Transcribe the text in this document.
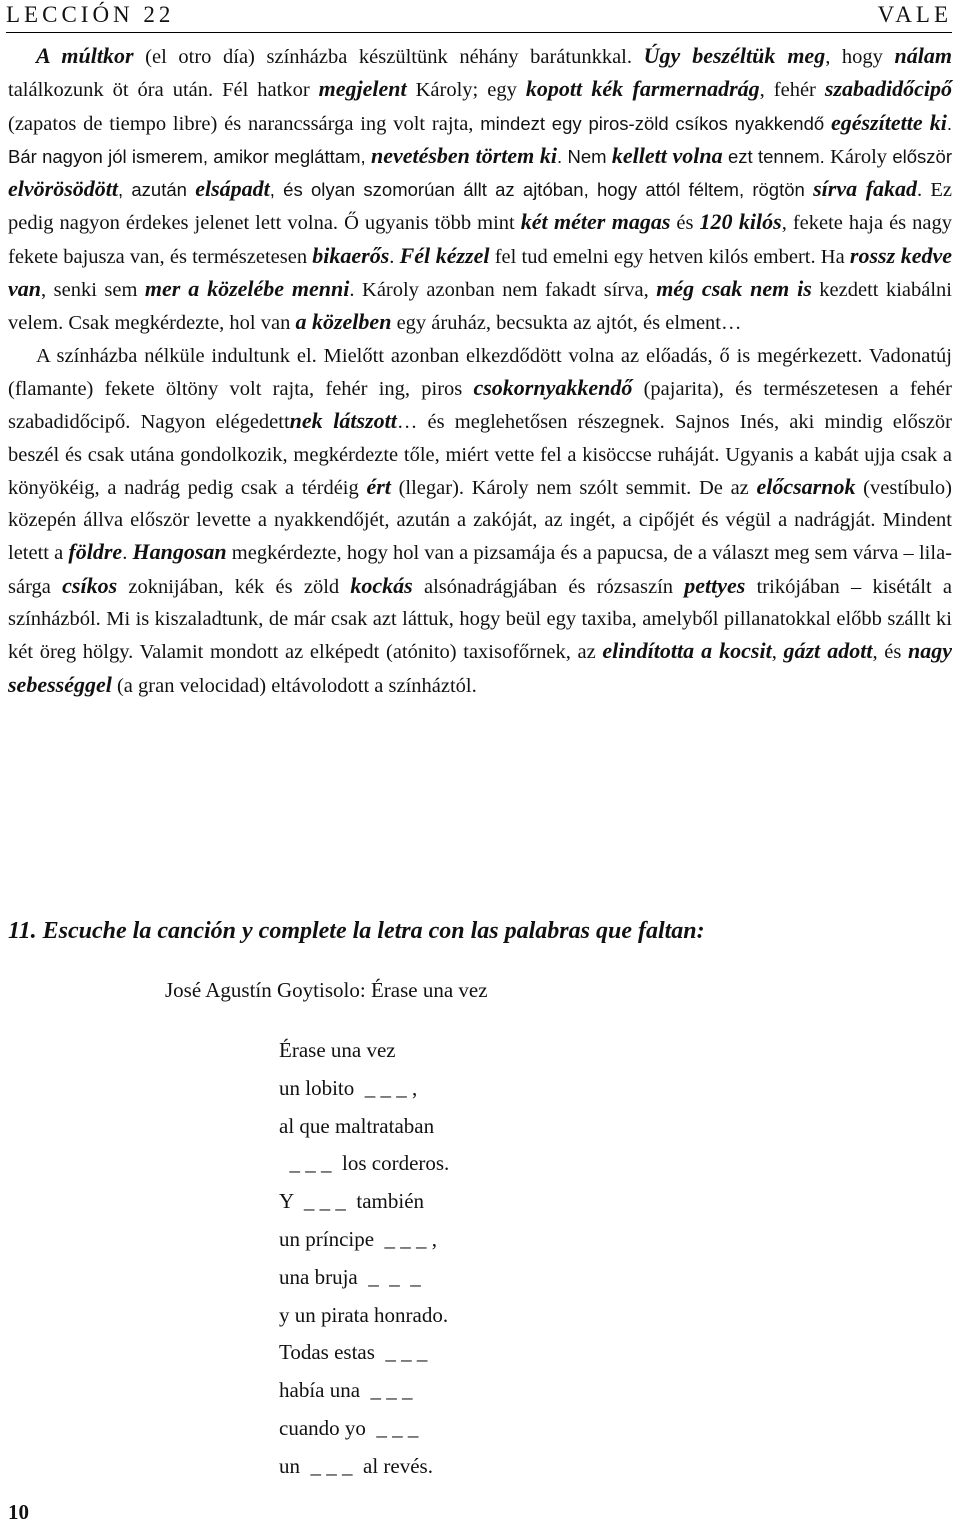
LECCIÓN 22	VALE

A múltkor (el otro día) színházba készültünk néhány barátunkkal. Úgy beszéltük meg, hogy nálam találkozunk öt óra után. Fél hatkor megjelent Károly; egy kopott kék farmernadrág, fehér szabadidőcipő (zapatos de tiempo libre) és narancssárga ing volt rajta, mindezt egy piros-zöld csíkos nyakkendő egészítette ki. Bár nagyon jól ismerem, amikor megláttam, nevetésben törtem ki. Nem kellett volna ezt tennem. Károly először elvörösödött, azután elsápadt, és olyan szomorúan állt az ajtóban, hogy attól féltem, rögtön sírva fakad. Ez pedig nagyon érdekes jelenet lett volna. Ő ugyanis több mint két méter magas és 120 kilós, fekete haja és nagy fekete bajusza van, és természetesen bikaerős. Fél kézzel fel tud emelni egy hetven kilós embert. Ha rossz kedve van, senki sem mer a közelébe menni. Károly azonban nem fakadt sírva, még csak nem is kezdett kiabálni velem. Csak megkérdezte, hol van a közelben egy áruház, becsukta az ajtót, és elment…

A színházba nélküle indultunk el. Mielőtt azonban elkezdődött volna az előadás, ő is megérkezett. Vadonatúj (flamante) fekete öltöny volt rajta, fehér ing, piros csokornyakkendő (pajarita), és természetesen a fehér szabadidőcipő. Nagyon elégedettnek látszott… és meglehetősen részegnek. Sajnos Inés, aki mindig először beszél és csak utána gondolkozik, megkérdezte tőle, miért vette fel a kisöccse ruháját. Ugyanis a kabát ujja csak a könyökéig, a nadrág pedig csak a térdéig ért (llegar). Károly nem szólt semmit. De az előcsarnok (vestíbulo) közepén állva először levette a nyakkendőjét, azután a zakóját, az ingét, a cipőjét és végül a nadrágját. Mindent letett a földre. Hangosan megkérdezte, hogy hol van a pizsamája és a papucsa, de a választ meg sem várva – lila-sárga csíkos zoknijában, kék és zöld kockás alsónadrágjában és rózsaszín pettyes trikójában – kisétált a színházból. Mi is kiszaladtunk, de már csak azt láttuk, hogy beül egy taxiba, amelyből pillanatokkal előbb szállt ki két öreg hölgy. Valamit mondott az elképedt (atónito) taxisofőrnek, az elindította a kocsit, gázt adott, és nagy sebességgel (a gran velocidad) eltávolodott a színháztól.

11. Escuche la canción y complete la letra con las palabras que faltan:
José Agustín Goytisolo: Érase una vez
Érase una vez
un lobito  _ _ _ ,
al que maltrataban
_ _ _  los corderos.
Y  _ _ _  también
un príncipe  _ _ _ ,
una bruja  _  _  _
y un pirata honrado.
Todas estas  _ _ _
había una  _ _ _
cuando yo  _ _ _
un  _ _ _  al revés.
10
